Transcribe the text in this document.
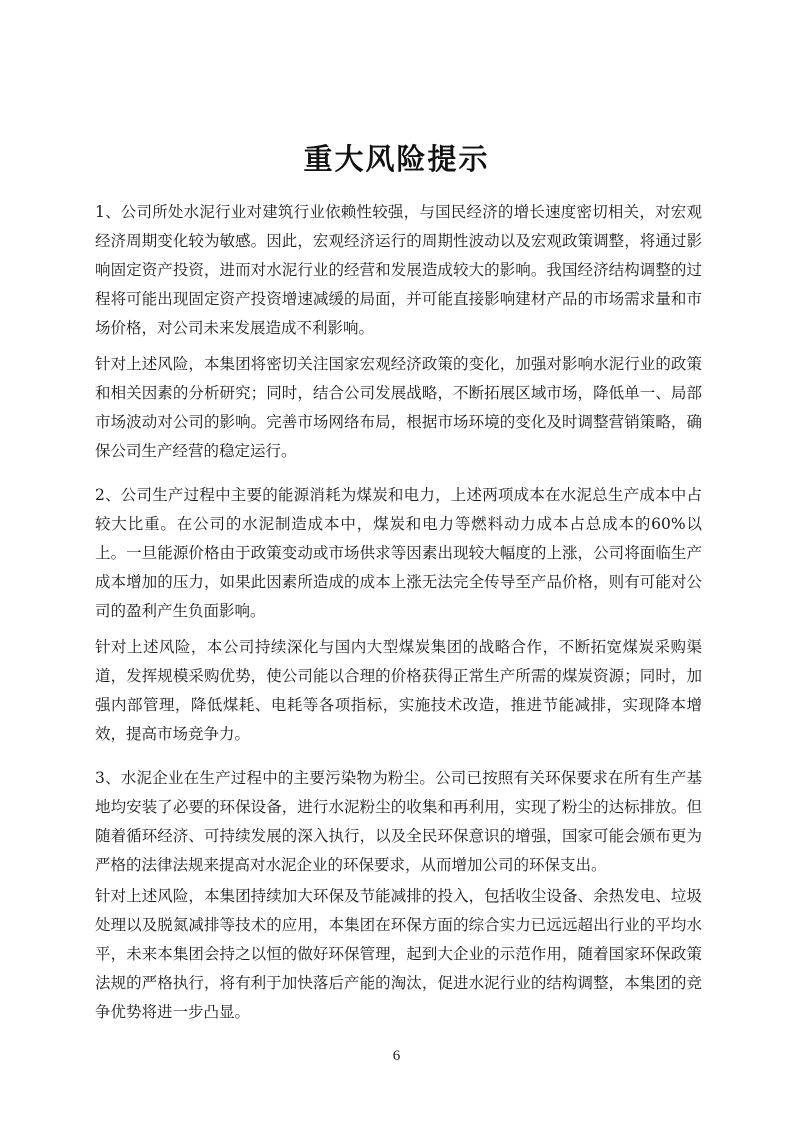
重大风险提示

1、公司所处水泥行业对建筑行业依赖性较强，与国民经济的增长速度密切相关，对宏观经济周期变化较为敏感。因此，宏观经济运行的周期性波动以及宏观政策调整，将通过影响固定资产投资，进而对水泥行业的经营和发展造成较大的影响。我国经济结构调整的过程将可能出现固定资产投资增速减缓的局面，并可能直接影响建材产品的市场需求量和市场价格，对公司未来发展造成不利影响。

针对上述风险，本集团将密切关注国家宏观经济政策的变化，加强对影响水泥行业的政策和相关因素的分析研究；同时，结合公司发展战略，不断拓展区域市场，降低单一、局部市场波动对公司的影响。完善市场网络布局，根据市场环境的变化及时调整营销策略，确保公司生产经营的稳定运行。

2、公司生产过程中主要的能源消耗为煤炭和电力，上述两项成本在水泥总生产成本中占较大比重。在公司的水泥制造成本中，煤炭和电力等燃料动力成本占总成本的60%以上。一旦能源价格由于政策变动或市场供求等因素出现较大幅度的上涨，公司将面临生产成本增加的压力，如果此因素所造成的成本上涨无法完全传导至产品价格，则有可能对公司的盈利产生负面影响。

针对上述风险，本公司持续深化与国内大型煤炭集团的战略合作，不断拓宽煤炭采购渠道，发挥规模采购优势，使公司能以合理的价格获得正常生产所需的煤炭资源；同时，加强内部管理，降低煤耗、电耗等各项指标，实施技术改造，推进节能减排，实现降本增效，提高市场竞争力。

3、水泥企业在生产过程中的主要污染物为粉尘。公司已按照有关环保要求在所有生产基地均安装了必要的环保设备，进行水泥粉尘的收集和再利用，实现了粉尘的达标排放。但随着循环经济、可持续发展的深入执行，以及全民环保意识的增强，国家可能会颁布更为严格的法律法规来提高对水泥企业的环保要求，从而增加公司的环保支出。

针对上述风险，本集团持续加大环保及节能减排的投入，包括收尘设备、余热发电、垃圾处理以及脱氮减排等技术的应用，本集团在环保方面的综合实力已远远超出行业的平均水平，未来本集团会持之以恒的做好环保管理，起到大企业的示范作用，随着国家环保政策法规的严格执行，将有利于加快落后产能的淘汰，促进水泥行业的结构调整，本集团的竞争优势将进一步凸显。

6
